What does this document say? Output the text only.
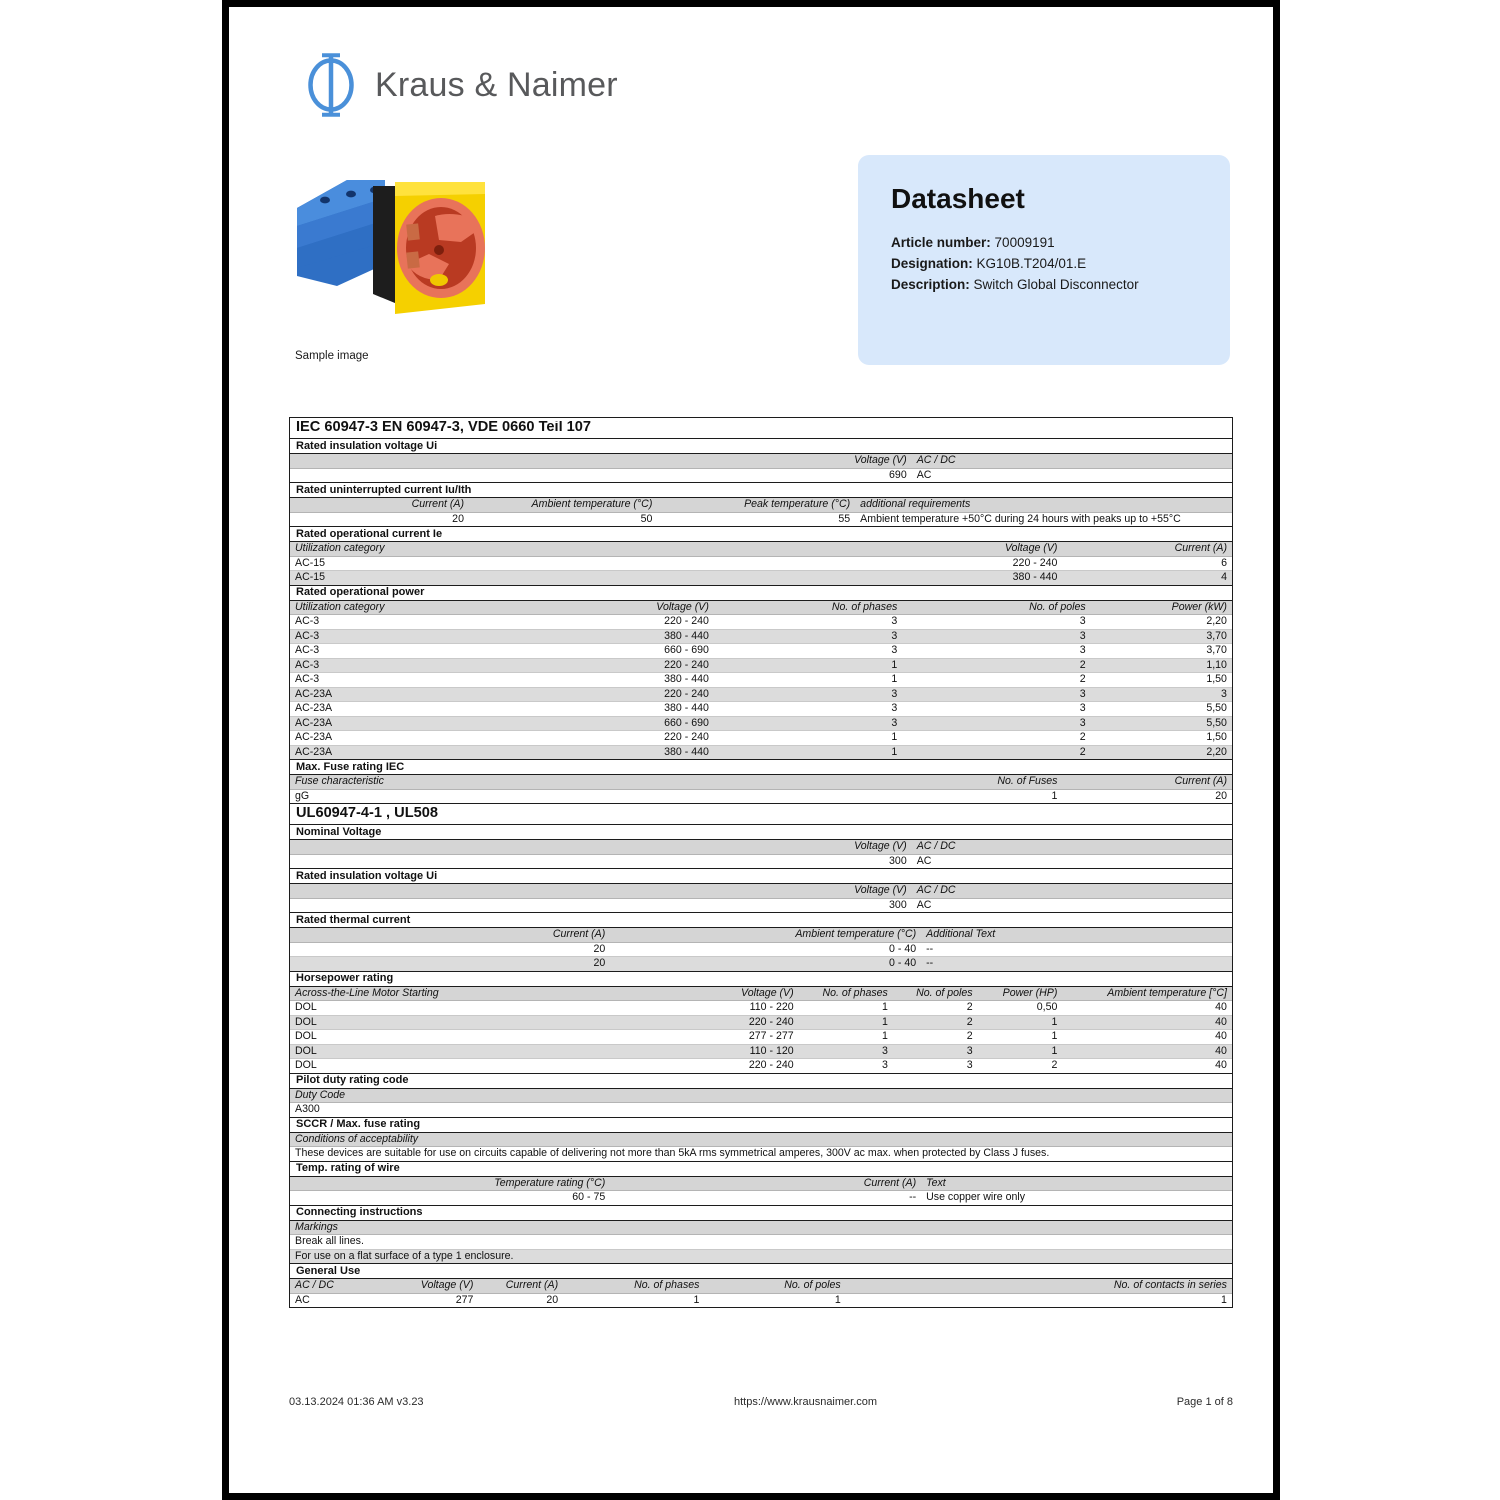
Kraus & Naimer
Sample image
Datasheet
Article number: 70009191
Designation: KG10B.T204/01.E
Description: Switch Global Disconnector
IEC 60947-3 EN 60947-3, VDE 0660 Teil 107
Rated insulation voltage Ui
Voltage (V) AC / DC
690 AC
Rated uninterrupted current Iu/Ith
Current (A)	Ambient temperature (°C)	Peak temperature (°C) additional requirements
20	50	55 Ambient temperature +50°C during 24 hours with peaks up to +55°C
Rated operational current Ie
Utilization category	Voltage (V)	Current (A)
AC-15	220 - 240	6
AC-15	380 - 440	4
Rated operational power
Utilization category	Voltage (V)	No. of phases	No. of poles	Power (kW)
AC-3	220 - 240	3	3	2,20
AC-3	380 - 440	3	3	3,70
AC-3	660 - 690	3	3	3,70
AC-3	220 - 240	1	2	1,10
AC-3	380 - 440	1	2	1,50
AC-23A	220 - 240	3	3	3
AC-23A	380 - 440	3	3	5,50
AC-23A	660 - 690	3	3	5,50
AC-23A	220 - 240	1	2	1,50
AC-23A	380 - 440	1	2	2,20
Max. Fuse rating IEC
Fuse characteristic	No. of Fuses	Current (A)
gG	1	20
UL60947-4-1 , UL508
Nominal Voltage
Voltage (V) AC / DC
300 AC
Rated insulation voltage Ui
Voltage (V) AC / DC
300 AC
Rated thermal current
Current (A)	Ambient temperature (°C) Additional Text
20	0 - 40 --
20	0 - 40 --
Horsepower rating
Across-the-Line Motor Starting	Voltage (V)	No. of phases	No. of poles	Power (HP)	Ambient temperature [°C]
DOL	110 - 220	1	2	0,50	40
DOL	220 - 240	1	2	1	40
DOL	277 - 277	1	2	1	40
DOL	110 - 120	3	3	1	40
DOL	220 - 240	3	3	2	40
Pilot duty rating code
Duty Code
A300
SCCR / Max. fuse rating
Conditions of acceptability
These devices are suitable for use on circuits capable of delivering not more than 5kA rms symmetrical amperes, 300V ac max. when protected by Class J fuses.
Temp. rating of wire
Temperature rating (°C)	Current (A) Text
60 - 75	-- Use copper wire only
Connecting instructions
Markings
Break all lines.
For use on a flat surface of a type 1 enclosure.
General Use
AC / DC	Voltage (V)	Current (A)	No. of phases	No. of poles	No. of contacts in series
AC	277	20	1	1	1
03.13.2024 01:36 AM v3.23	https://www.krausnaimer.com	Page 1 of 8
